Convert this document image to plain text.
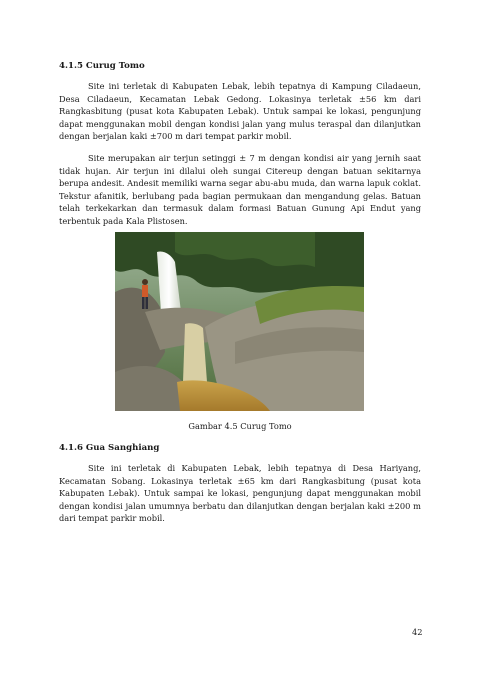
4.1.5 Curug Tomo

Site ini terletak di Kabupaten Lebak, lebih tepatnya di Kampung Ciladaeun, Desa Ciladaeun, Kecamatan Lebak Gedong. Lokasinya terletak ±56 km dari Rangkasbitung (pusat kota Kabupaten Lebak). Untuk sampai ke lokasi, pengunjung dapat menggunakan mobil dengan kondisi jalan yang mulus teraspal dan dilanjutkan dengan berjalan kaki ±700 m dari tempat parkir mobil.

Site merupakan air terjun setinggi ± 7 m dengan kondisi air yang jernih saat tidak hujan. Air terjun ini dilalui oleh sungai Citereup dengan batuan sekitarnya berupa andesit. Andesit memiliki warna segar abu-abu muda, dan warna lapuk coklat. Tekstur afanitik, berlubang pada bagian permukaan dan mengandung gelas. Batuan telah terkekarkan dan termasuk dalam formasi Batuan Gunung Api Endut yang terbentuk pada Kala Plistosen.

Gambar 4.5 Curug Tomo
4.1.6 Gua Sanghiang

Site ini terletak di Kabupaten Lebak, lebih tepatnya di Desa Hariyang, Kecamatan Sobang. Lokasinya terletak ±65 km dari Rangkasbitung (pusat kota Kabupaten Lebak). Untuk sampai ke lokasi, pengunjung dapat menggunakan mobil dengan kondisi jalan umumnya berbatu dan dilanjutkan dengan berjalan kaki ±200 m dari tempat parkir mobil.

42
